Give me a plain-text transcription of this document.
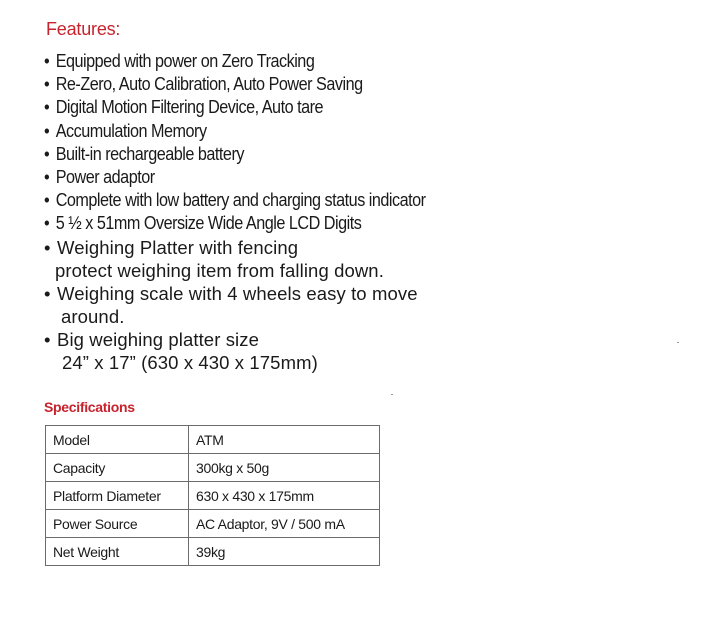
Features:
• Equipped with power on Zero Tracking
• Re-Zero, Auto Calibration, Auto Power Saving
• Digital Motion Filtering Device, Auto tare
• Accumulation Memory
• Built-in rechargeable battery
• Power adaptor
• Complete with low battery and charging status indicator
• 5 ½ x 51mm Oversize Wide Angle LCD Digits
• Weighing Platter with fencing
protect weighing item from falling down.
• Weighing scale with 4 wheels easy to move
around.
• Big weighing platter size
24” x 17” (630 x 430 x 175mm)
Specifications
Model	ATM
Capacity	300kg x 50g
Platform Diameter	630 x 430 x 175mm
Power Source	AC Adaptor, 9V / 500 mA
Net Weight	39kg
